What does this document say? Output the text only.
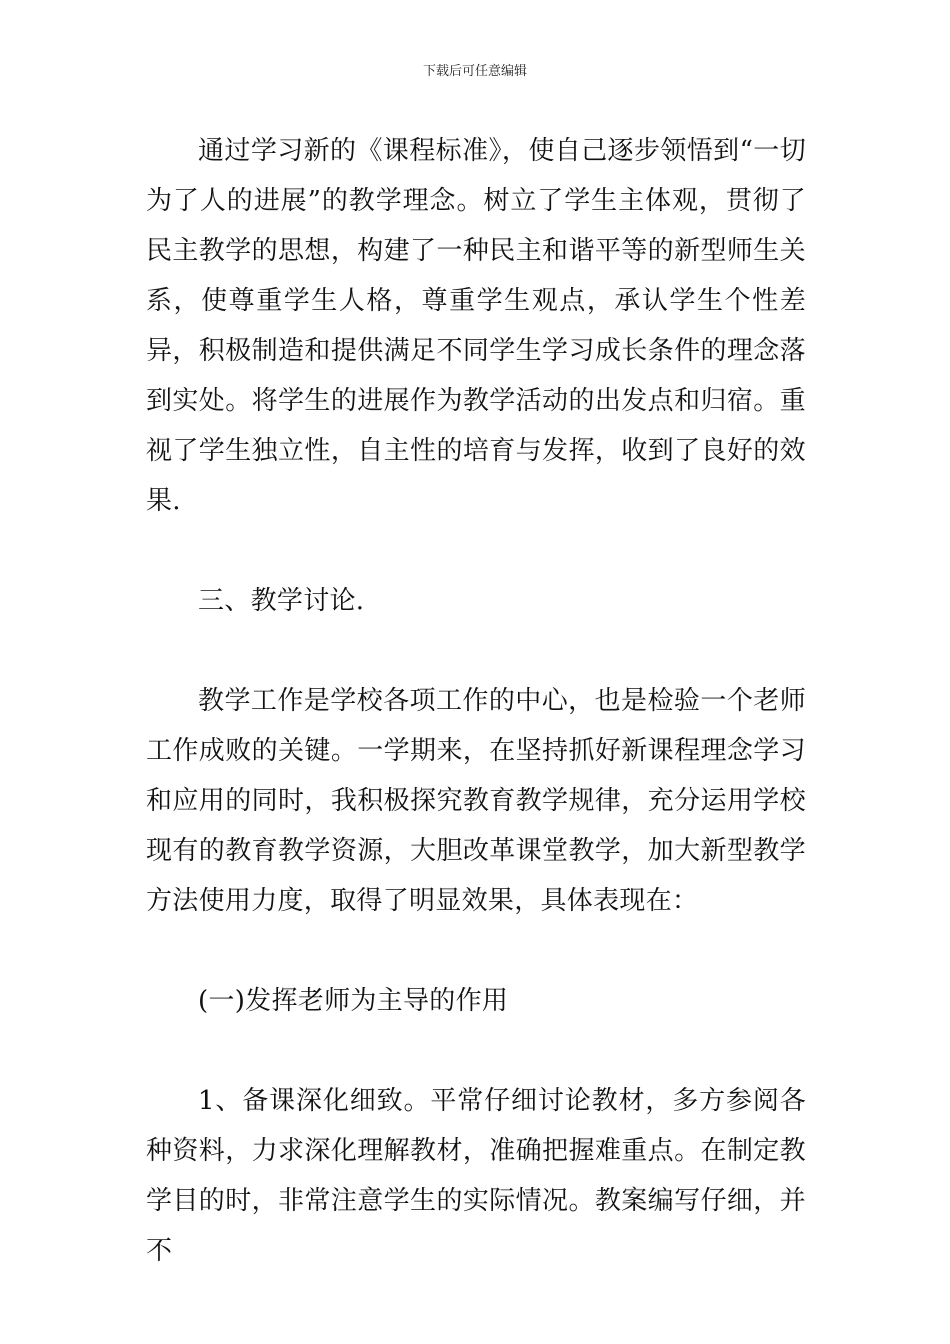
下载后可任意编辑

通过学习新的《课程标准》，使自己逐步领悟到“一切为了人的进展”的教学理念。树立了学生主体观，贯彻了民主教学的思想，构建了一种民主和谐平等的新型师生关系，使尊重学生人格，尊重学生观点，承认学生个性差异，积极制造和提供满足不同学生学习成长条件的理念落到实处。将学生的进展作为教学活动的出发点和归宿。重视了学生独立性，自主性的培育与发挥，收到了良好的效果.

三、教学讨论.

教学工作是学校各项工作的中心，也是检验一个老师工作成败的关键。一学期来，在坚持抓好新课程理念学习和应用的同时，我积极探究教育教学规律，充分运用学校现有的教育教学资源，大胆改革课堂教学，加大新型教学方法使用力度，取得了明显效果，具体表现在：

(一)发挥老师为主导的作用

1、备课深化细致。平常仔细讨论教材，多方参阅各种资料，力求深化理解教材，准确把握难重点。在制定教学目的时，非常注意学生的实际情况。教案编写仔细，并不
